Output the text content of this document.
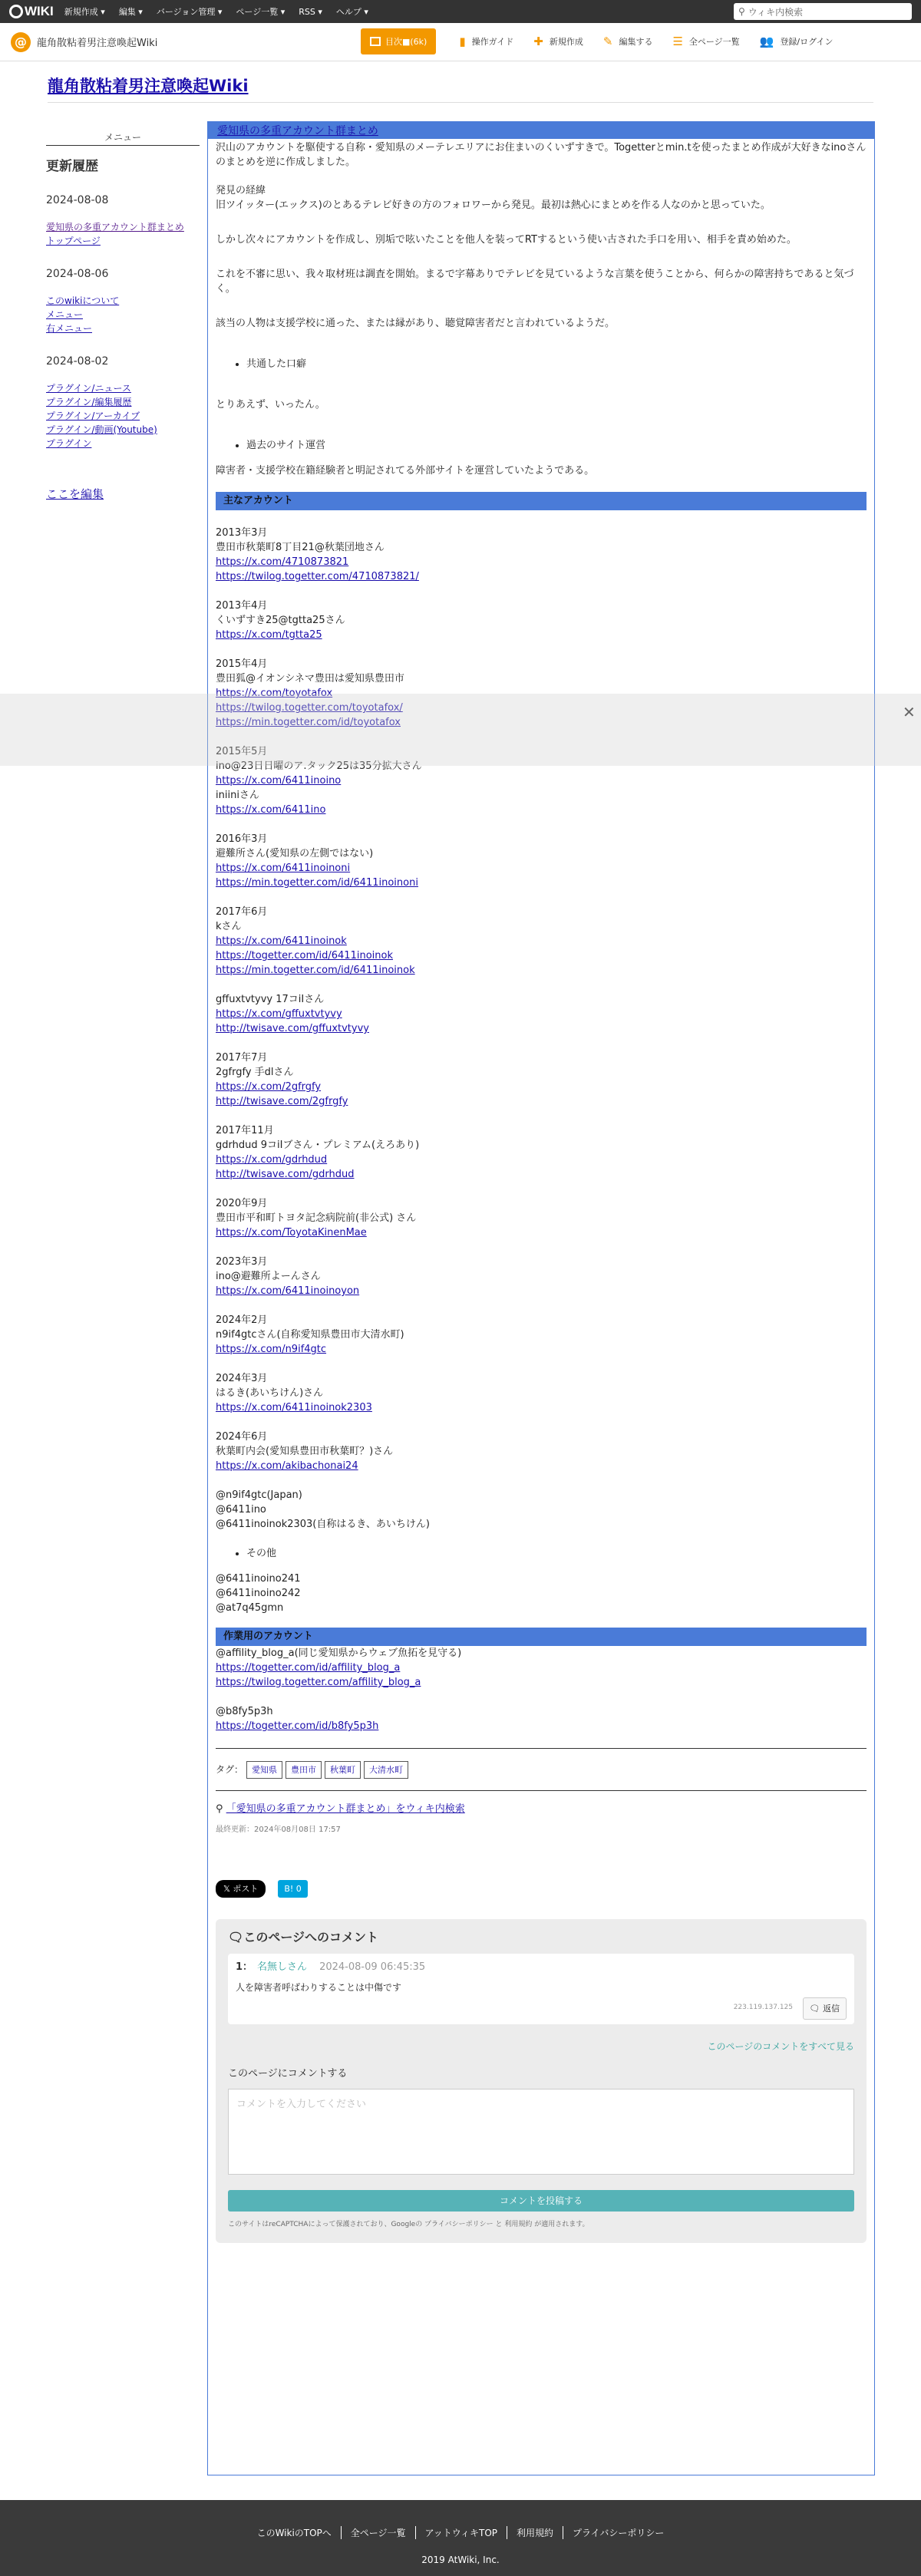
WIKI 新規作成 ▾ 編集 ▾ バージョン管理 ▾ ページ一覧 ▾ RSS ▾ ヘルプ ▾	⚲ ウィキ内検索
@	龍角散粘着男注意喚起Wiki	目次■(6k)	▮ 操作ガイド ✚ 新規作成 ✎ 編集する ☰ 全ページ一覧 👥 登録/ログイン
龍角散粘着男注意喚起Wiki
メニュー
更新履歴
2024-08-08
愛知県の多重アカウント群まとめ
トップページ
2024-08-06
このwikiについて
メニュー
右メニュー
2024-08-02
プラグイン/ニュース
プラグイン/編集履歴
プラグイン/アーカイブ
プラグイン/動画(Youtube)
プラグイン
ここを編集
愛知県の多重アカウント群まとめ

沢山のアカウントを駆使する自称・愛知県のメーテレエリアにお住まいのくいずすきで。Togetterとmin.tを使ったまとめ作成が大好きなinoさんのまとめを逆に作成しました。

発見の経緯

旧ツイッター(エックス)のとあるテレビ好きの方のフォロワーから発見。最初は熱心にまとめを作る人なのかと思っていた。

しかし次々にアカウントを作成し、別垢で呟いたことを他人を装ってRTするという使い古された手口を用い、相手を責め始めた。

これを不審に思い、我々取材班は調査を開始。まるで字幕ありでテレビを見ているような言葉を使うことから、何らかの障害持ちであると気づく。

該当の人物は支援学校に通った、または縁があり、聴覚障害者だと言われているようだ。

• 共通した口癖

とりあえず、いったん。

• 過去のサイト運営

障害者・支援学校在籍経験者と明記されてる外部サイトを運営していたようである。

主なアカウント
2013年3月
豊田市秋葉町8丁目21@秋葉団地さん
https://x.com/4710873821
https://twilog.togetter.com/4710873821/
2013年4月
くいずすき25@tgtta25さん
https://x.com/tgtta25
2015年4月
豊田狐@イオンシネマ豊田は愛知県豊田市
https://x.com/toyotafox
https://twilog.togetter.com/toyotafox/
https://min.togetter.com/id/toyotafox
2015年5月
ino@23日日曜のア.タック25は35分拡大さん
https://x.com/6411inoino
iniiniさん
https://x.com/6411ino
2016年3月
避難所さん(愛知県の左側ではない)
https://x.com/6411inoinoni
https://min.togetter.com/id/6411inoinoni
2017年6月
kさん
https://x.com/6411inoinok
https://togetter.com/id/6411inoinok
https://min.togetter.com/id/6411inoinok
gffuxtvtyvy 17コiIさん
https://x.com/gffuxtvtyvy
http://twisave.com/gffuxtvtyvy
2017年7月
2gfrgfy 手dlさん
https://x.com/2gfrgfy
http://twisave.com/2gfrgfy
2017年11月
gdrhdud 9コiIブさん・プレミアム(えろあり)
https://x.com/gdrhdud
http://twisave.com/gdrhdud
2020年9月
豊田市平和町トヨタ記念病院前(非公式) さん
https://x.com/ToyotaKinenMae
2023年3月
ino@避難所よーんさん
https://x.com/6411inoinoyon
2024年2月
n9if4gtcさん(自称愛知県豊田市大清水町)
https://x.com/n9if4gtc
2024年3月
はるき(あいちけん)さん
https://x.com/6411inoinok2303
2024年6月
秋葉町内会(愛知県豊田市秋葉町？)さん
https://x.com/akibachonai24
@n9if4gtc(Japan)
@6411ino
@6411inoinok2303(自称はるき、あいちけん)
• その他
@6411inoino241
@6411inoino242
@at7q45gmn
作業用のアカウント
@affility_blog_a(同じ愛知県からウェブ魚拓を見守る)
https://togetter.com/id/affility_blog_a
https://twilog.togetter.com/affility_blog_a
@b8fy5p3h
https://togetter.com/id/b8fy5p3h
タグ：	愛知県	豊田市	秋葉町	大清水町
⚲ 「愛知県の多重アカウント群まとめ」をウィキ内検索
最終更新：2024年08月08日 17:57
𝕏 ポスト	B! 0
🗨このページへのコメント
1： 名無しさん 2024-08-09 06:45:35
人を障害者呼ばわりすることは中傷です
223.119.137.125	🗨 返信
このページのコメントをすべて見る
このページにコメントする
コメントを入力してください
コメントを投稿する
このサイトはreCAPTCHAによって保護されており、Googleの プライバシーポリシー と 利用規約 が適用されます。
✕
このWikiのTOPへ	全ページ一覧	アットウィキTOP	利用規約	プライバシーポリシー
2019 AtWiki, Inc.
